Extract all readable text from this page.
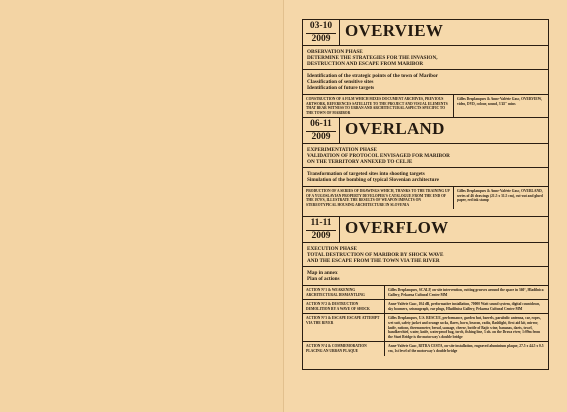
03-10
2009 OVERVIEW
OBSERVATION PHASE
DETERMINE THE STRATEGIES FOR THE INVASION,
DESTRUCTION AND ESCAPE FROM MARIBOR
Identification of the strategic points of the town of Maribor
Classification of sensitive sites
Identification of future targets
CONSTRUCTION OF A FILM WHICH MIXES DOCUMENT ARCHIVES, PREVIOUS ARTWORK, REFERENCES SATELLITE TO THE PROJECT AND VISUAL ELEMENTS THAT BEAR WITNESS TO URBAN AND ARCHITECTURAL ASPECTS SPECIFIC TO THE TOWN OF MARIBOR
Gilles Desplanques & Anne-Valérie Gasc, OVERVIEW, video, DVD, colour, sound, 3'45'' mins
06-11
2009 OVERLAND
EXPERIMENTATION PHASE
VALIDATION OF PROTOCOL ENVISAGED FOR MARIBOR
ON THE TERRITORY ANNEXED TO CELJE
Transformation of targeted sites into shooting targets
Simulation of the bombing of typical Slovenian architecture
PRODUCTION OF A SERIES OF DRAWINGS WHICH, THANKS TO THE TRAINING UP OF A YUGOSLAVIAN PROPERTY DEVELOPER'S CATALOGUE FROM THE END OF THE 1970'S, ILLUSTRATE THE RESULTS OF WEAPON IMPACTS ON STEREOTYPICAL HOUSING ARCHITECTURE IN SLOVENIA
Gilles Desplanques & Anne-Valérie Gasc, OVERLAND, series of 46 drawings (21.5 x 31.5 cm), cut-out and glued paper, red ink stamp
11-11
2009 OVERFLOW
EXECUTION PHASE
TOTAL DESTRUCTION OF MARIBOR BY SHOCK WAVE
AND THE ESCAPE FROM THE TOWN VIA THE RIVER
Map in annex
Plan of actions
ACTION N°1 & WEAKENING ARCHITECTURAL DISMANTLING
Gilles Desplanques, SCALP, on-site intervention, cutting grooves around the space in 360°, Hladilnica Gallery, Pekarna Cultural Centre MM
ACTION N°2 & DESTRUCTION DEMOLITION BY A WAVE OF SHOCK
Anne-Valérie Gasc, 104 dB, performative installation, 70000 Watt sound system, digital countdown, sky boomers, seismograph, ear plugs, Hladilnica Gallery, Pekarna Cultural Centre MM
ACTION N°3 & ESCAPE ESCAPE ATTEMPT VIA THE RIVER
Gilles Desplanques, U.S. RESCUE, performance, garden hut, barrels, parabolic antenna, car, ropes, wet suit, safety jacket and orange socks, flares, horn, beacon, radio, flashlight, first aid kit, mirror, knife, rations, thermometer, bread, sausage, cheese, bottle of Bajic wine, bananas, darts, towel, handkerchief, water, knife, waterproof bag, torch, fishing line, 3 oh. on the Drava river, 1:09m from the Stari Bridge is the motorway's double bridge
ACTION N°4 & COMMEMORATION PLACING AN URBAN PLAQUE
Anne-Valérie Gasc, RITRA CESTA, on-site installation, engraved aluminium plaque, 27.5 x 44.5 x 0.5 cm, 1st level of the motorway's double bridge
